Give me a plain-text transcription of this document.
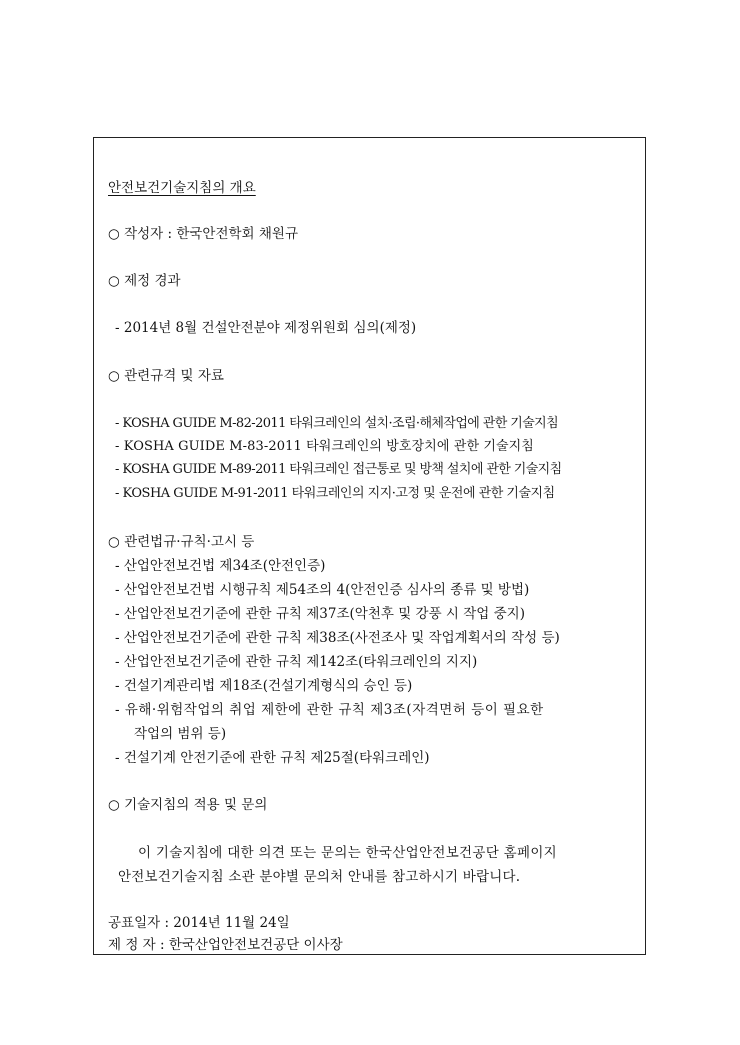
안전보건기술지침의 개요
○ 작성자 : 한국안전학회 채원규
○ 제정 경과
- 2014년 8월 건설안전분야 제정위원회 심의(제정)
○ 관련규격 및 자료
- KOSHA GUIDE M-82-2011 타워크레인의 설치·조립·해체작업에 관한 기술지침
- KOSHA GUIDE M-83-2011 타워크레인의 방호장치에 관한 기술지침
- KOSHA GUIDE M-89-2011 타워크레인 접근통로 및 방책 설치에 관한 기술지침
- KOSHA GUIDE M-91-2011 타워크레인의 지지·고정 및 운전에 관한 기술지침
○ 관련법규·규칙·고시 등
- 산업안전보건법 제34조(안전인증)
- 산업안전보건법 시행규칙 제54조의 4(안전인증 심사의 종류 및 방법)
- 산업안전보건기준에 관한 규칙 제37조(악천후 및 강풍 시 작업 중지)
- 산업안전보건기준에 관한 규칙 제38조(사전조사 및 작업계획서의 작성 등)
- 산업안전보건기준에 관한 규칙 제142조(타워크레인의 지지)
- 건설기계관리법 제18조(건설기계형식의 승인 등)
- 유해·위험작업의 취업 제한에 관한 규칙 제3조(자격면허 등이 필요한
작업의 범위 등)
- 건설기계 안전기준에 관한 규칙 제25절(타워크레인)
○ 기술지침의 적용 및 문의
이 기술지침에 대한 의견 또는 문의는 한국산업안전보건공단 홈페이지
안전보건기술지침 소관 분야별 문의처 안내를 참고하시기 바랍니다.
공표일자 : 2014년 11월 24일
제 정 자 : 한국산업안전보건공단 이사장
